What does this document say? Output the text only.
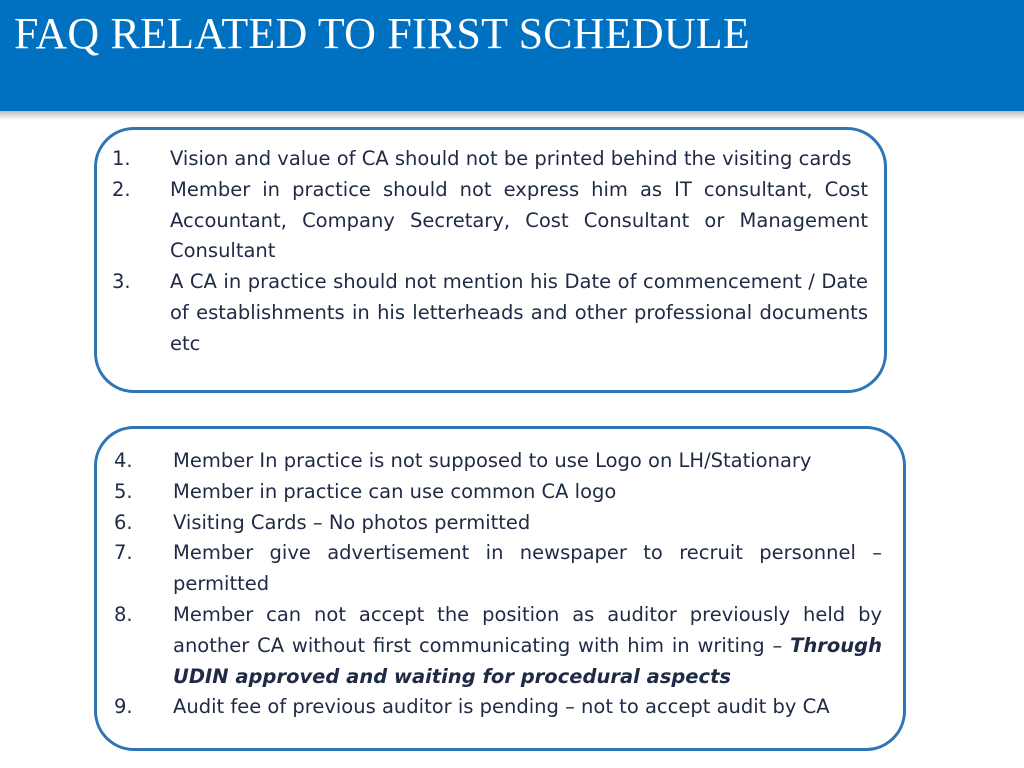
FAQ RELATED TO FIRST SCHEDULE
1.	Vision and value of CA should not be printed behind the visiting cards
2.	Member in practice should not express him as IT consultant, Cost Accountant, Company Secretary, Cost Consultant or Management Consultant
3.	A CA in practice should not mention his Date of commencement / Date of establishments in his letterheads and other professional documents etc
4.	Member In practice is not supposed to use Logo on LH/Stationary
5.	Member in practice can use common CA logo
6.	Visiting Cards – No photos permitted
7.	Member give advertisement in newspaper to recruit personnel – permitted
8.	Member can not accept the position as auditor previously held by another CA without first communicating with him in writing – Through UDIN approved and waiting for procedural aspects
9.	Audit fee of previous auditor is pending – not to accept audit by CA
